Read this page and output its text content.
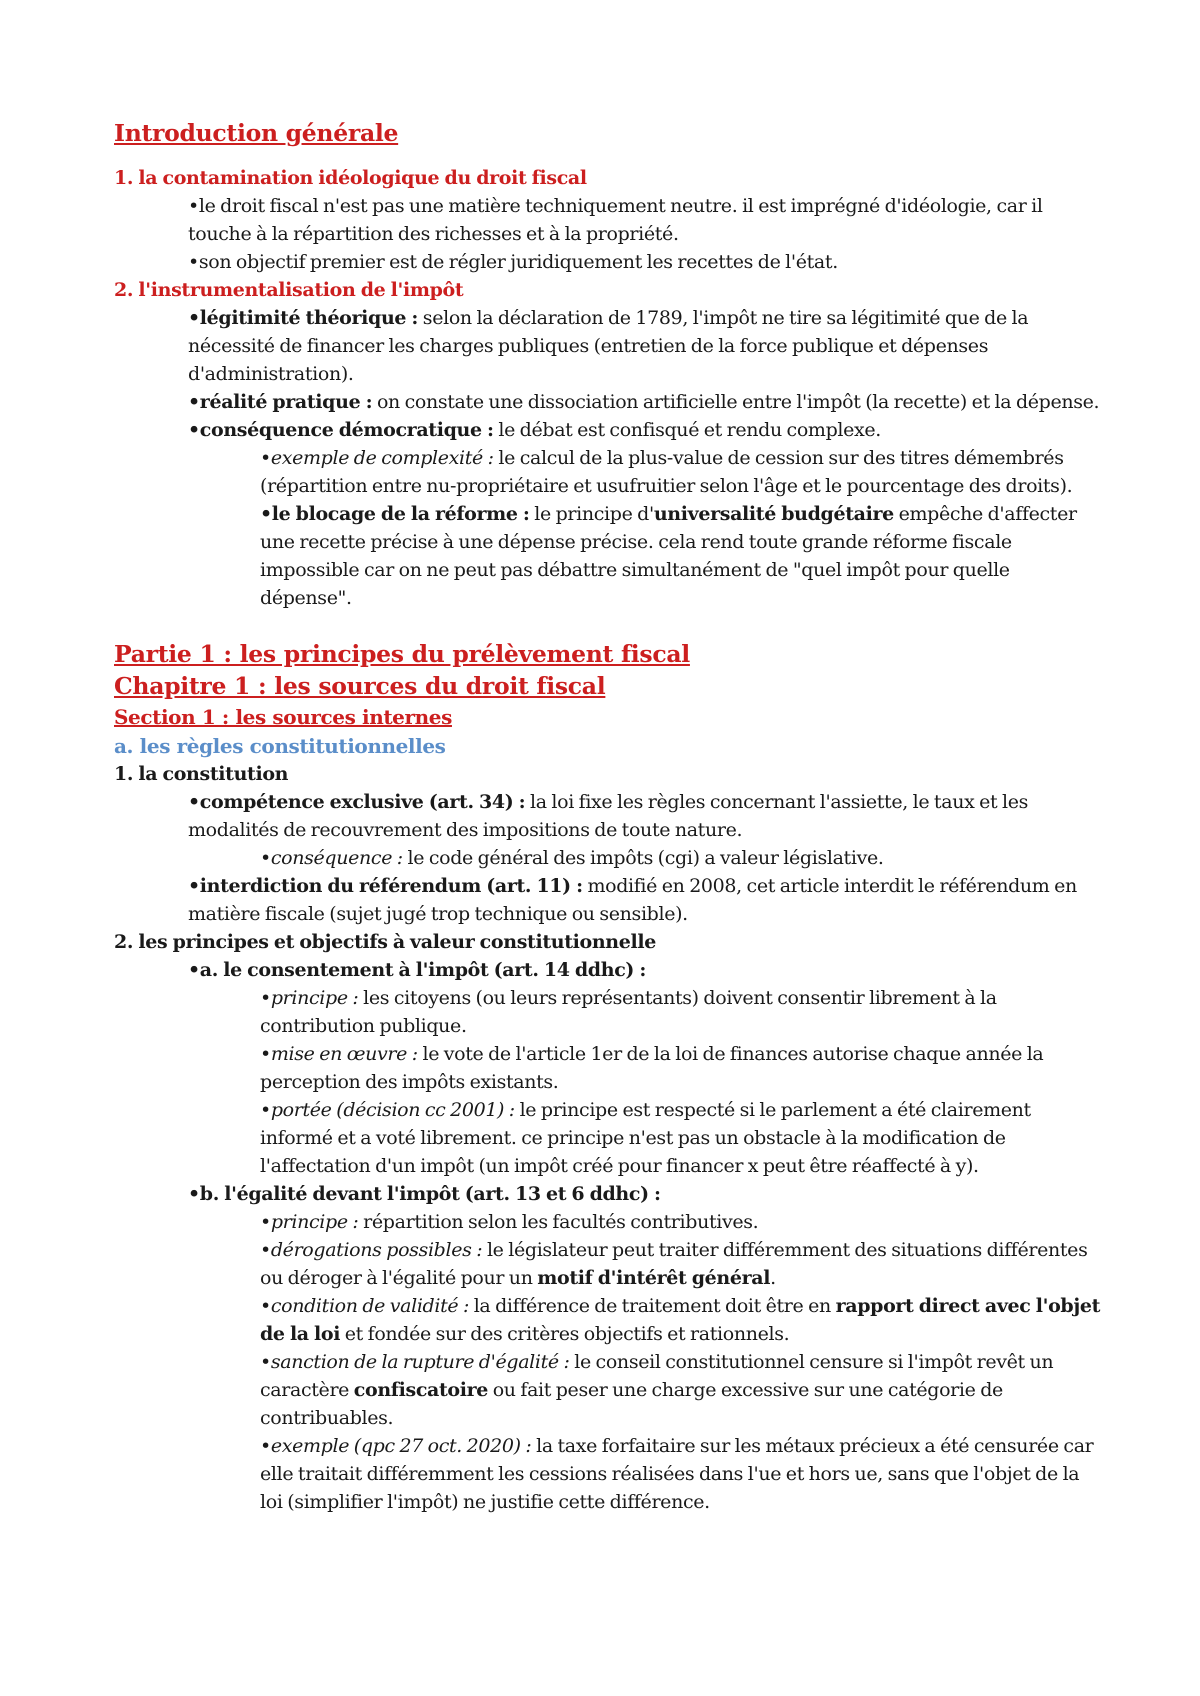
Introduction générale

1. la contamination idéologique du droit fiscal

•le droit fiscal n'est pas une matière techniquement neutre. il est imprégné d'idéologie, car il touche à la répartition des richesses et à la propriété.

•son objectif premier est de régler juridiquement les recettes de l'état.

2. l'instrumentalisation de l'impôt

•légitimité théorique : selon la déclaration de 1789, l'impôt ne tire sa légitimité que de la nécessité de financer les charges publiques (entretien de la force publique et dépenses d'administration).

•réalité pratique : on constate une dissociation artificielle entre l'impôt (la recette) et la dépense.

•conséquence démocratique : le débat est confisqué et rendu complexe.

•exemple de complexité : le calcul de la plus-value de cession sur des titres démembrés (répartition entre nu-propriétaire et usufruitier selon l'âge et le pourcentage des droits).

•le blocage de la réforme : le principe d'universalité budgétaire empêche d'affecter une recette précise à une dépense précise. cela rend toute grande réforme fiscale impossible car on ne peut pas débattre simultanément de "quel impôt pour quelle dépense".

Partie 1 : les principes du prélèvement fiscal
Chapitre 1 : les sources du droit fiscal
Section 1 : les sources internes
a. les règles constitutionnelles

1. la constitution

•compétence exclusive (art. 34) : la loi fixe les règles concernant l'assiette, le taux et les modalités de recouvrement des impositions de toute nature.

•conséquence : le code général des impôts (cgi) a valeur législative.

•interdiction du référendum (art. 11) : modifié en 2008, cet article interdit le référendum en matière fiscale (sujet jugé trop technique ou sensible).

2. les principes et objectifs à valeur constitutionnelle

•a. le consentement à l'impôt (art. 14 ddhc) :

•principe : les citoyens (ou leurs représentants) doivent consentir librement à la contribution publique.

•mise en œuvre : le vote de l'article 1er de la loi de finances autorise chaque année la perception des impôts existants.

•portée (décision cc 2001) : le principe est respecté si le parlement a été clairement informé et a voté librement. ce principe n'est pas un obstacle à la modification de l'affectation d'un impôt (un impôt créé pour financer x peut être réaffecté à y).

•b. l'égalité devant l'impôt (art. 13 et 6 ddhc) :

•principe : répartition selon les facultés contributives.

•dérogations possibles : le législateur peut traiter différemment des situations différentes ou déroger à l'égalité pour un motif d'intérêt général.

•condition de validité : la différence de traitement doit être en rapport direct avec l'objet de la loi et fondée sur des critères objectifs et rationnels.

•sanction de la rupture d'égalité : le conseil constitutionnel censure si l'impôt revêt un caractère confiscatoire ou fait peser une charge excessive sur une catégorie de contribuables.

•exemple (qpc 27 oct. 2020) : la taxe forfaitaire sur les métaux précieux a été censurée car elle traitait différemment les cessions réalisées dans l'ue et hors ue, sans que l'objet de la loi (simplifier l'impôt) ne justifie cette différence.
